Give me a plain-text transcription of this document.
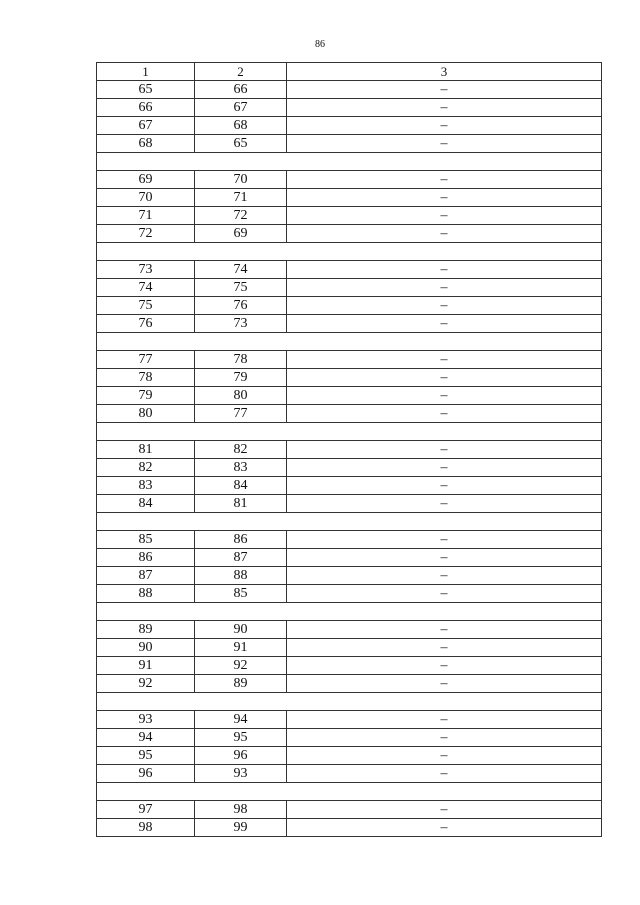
86
1	2	3
65	66	–
66	67	–
67	68	–
68	65	–

69	70	–
70	71	–
71	72	–
72	69	–

73	74	–
74	75	–
75	76	–
76	73	–

77	78	–
78	79	–
79	80	–
80	77	–

81	82	–
82	83	–
83	84	–
84	81	–

85	86	–
86	87	–
87	88	–
88	85	–

89	90	–
90	91	–
91	92	–
92	89	–

93	94	–
94	95	–
95	96	–
96	93	–

97	98	–
98	99	–
